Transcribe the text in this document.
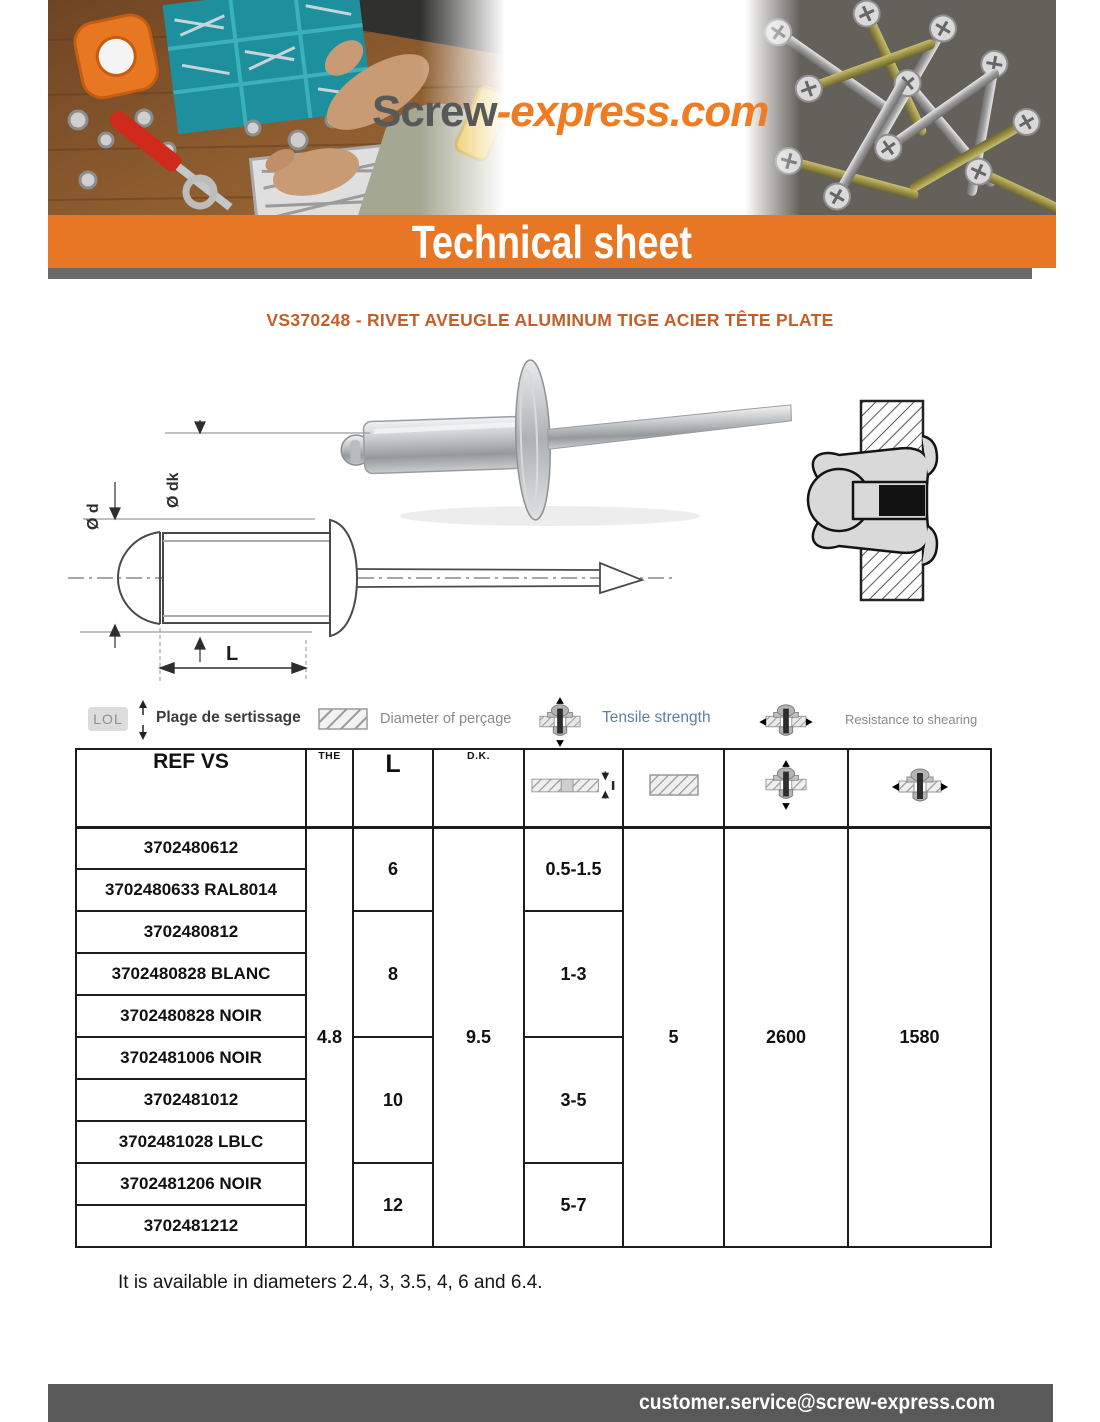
Screw-express.com
Technical sheet
VS370248 - RIVET AVEUGLE ALUMINUM TIGE ACIER TÊTE PLATE
Ø d
Ø dk
L
LOL	Plage de sertissage	Diameter of perçage	Tensile strength	Resistance to shearing
REF VS	THE	L	D.K.				
3702480612	4.8	6	9.5	0.5-1.5	5	2600	1580
3702480633 RAL8014							
3702480812		8		1-3			
3702480828 BLANC							
3702480828 NOIR							
3702481006 NOIR		10		3-5			
3702481012							
3702481028 LBLC							
3702481206 NOIR		12		5-7			
3702481212							
It is available in diameters 2.4, 3, 3.5, 4, 6 and 6.4.
customer.service@screw-express.com
